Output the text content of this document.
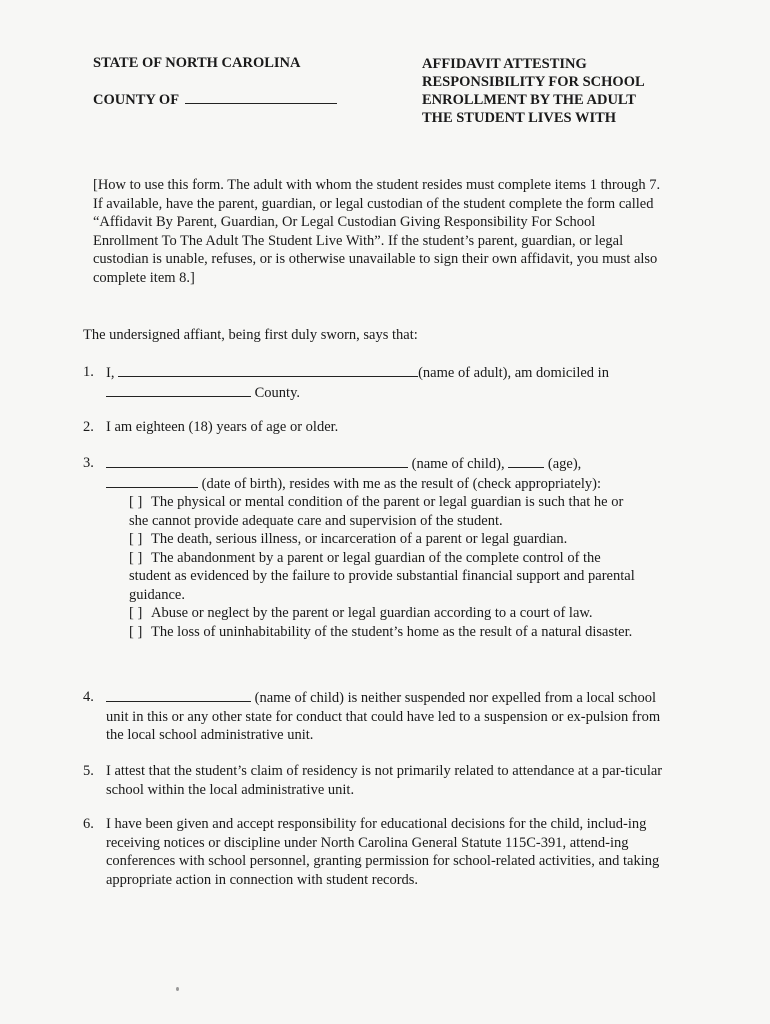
STATE OF NORTH CAROLINA
COUNTY OF
AFFIDAVIT ATTESTING
RESPONSIBILITY FOR SCHOOL
ENROLLMENT BY THE ADULT
THE STUDENT LIVES WITH
[How to use this form. The adult with whom the student resides must complete items 1 through 7. If available, have the parent, guardian, or legal custodian of the student complete the form called “Affidavit By Parent, Guardian, Or Legal Custodian Giving Responsibility For School Enrollment To The Adult The Student Live With”. If the student’s parent, guardian, or legal custodian is unable, refuses, or is otherwise unavailable to sign their own affidavit, you must also complete item 8.]
The undersigned affiant, being first duly sworn, says that:
1. I,	(name of adult), am domiciled in
County.
2. I am eighteen (18) years of age or older.
3.	(name of child),	(age),
(date of birth), resides with me as the result of (check appropriately):
[ ] The physical or mental condition of the parent or legal guardian is such that he or she cannot provide adequate care and supervision of the student.
[ ] The death, serious illness, or incarceration of a parent or legal guardian.
[ ] The abandonment by a parent or legal guardian of the complete control of the student as evidenced by the failure to provide substantial financial support and parental guidance.
[ ] Abuse or neglect by the parent or legal guardian according to a court of law.
[ ] The loss of uninhabitability of the student’s home as the result of a natural disaster.
4.	(name of child) is neither suspended nor expelled from a local school unit in this or any other state for conduct that could have led to a suspension or ex-pulsion from the local school administrative unit.
5. I attest that the student’s claim of residency is not primarily related to attendance at a par-ticular school within the local administrative unit.
6. I have been given and accept responsibility for educational decisions for the child, includ-ing receiving notices or discipline under North Carolina General Statute 115C-391, attend-ing conferences with school personnel, granting permission for school-related activities, and taking appropriate action in connection with student records.
